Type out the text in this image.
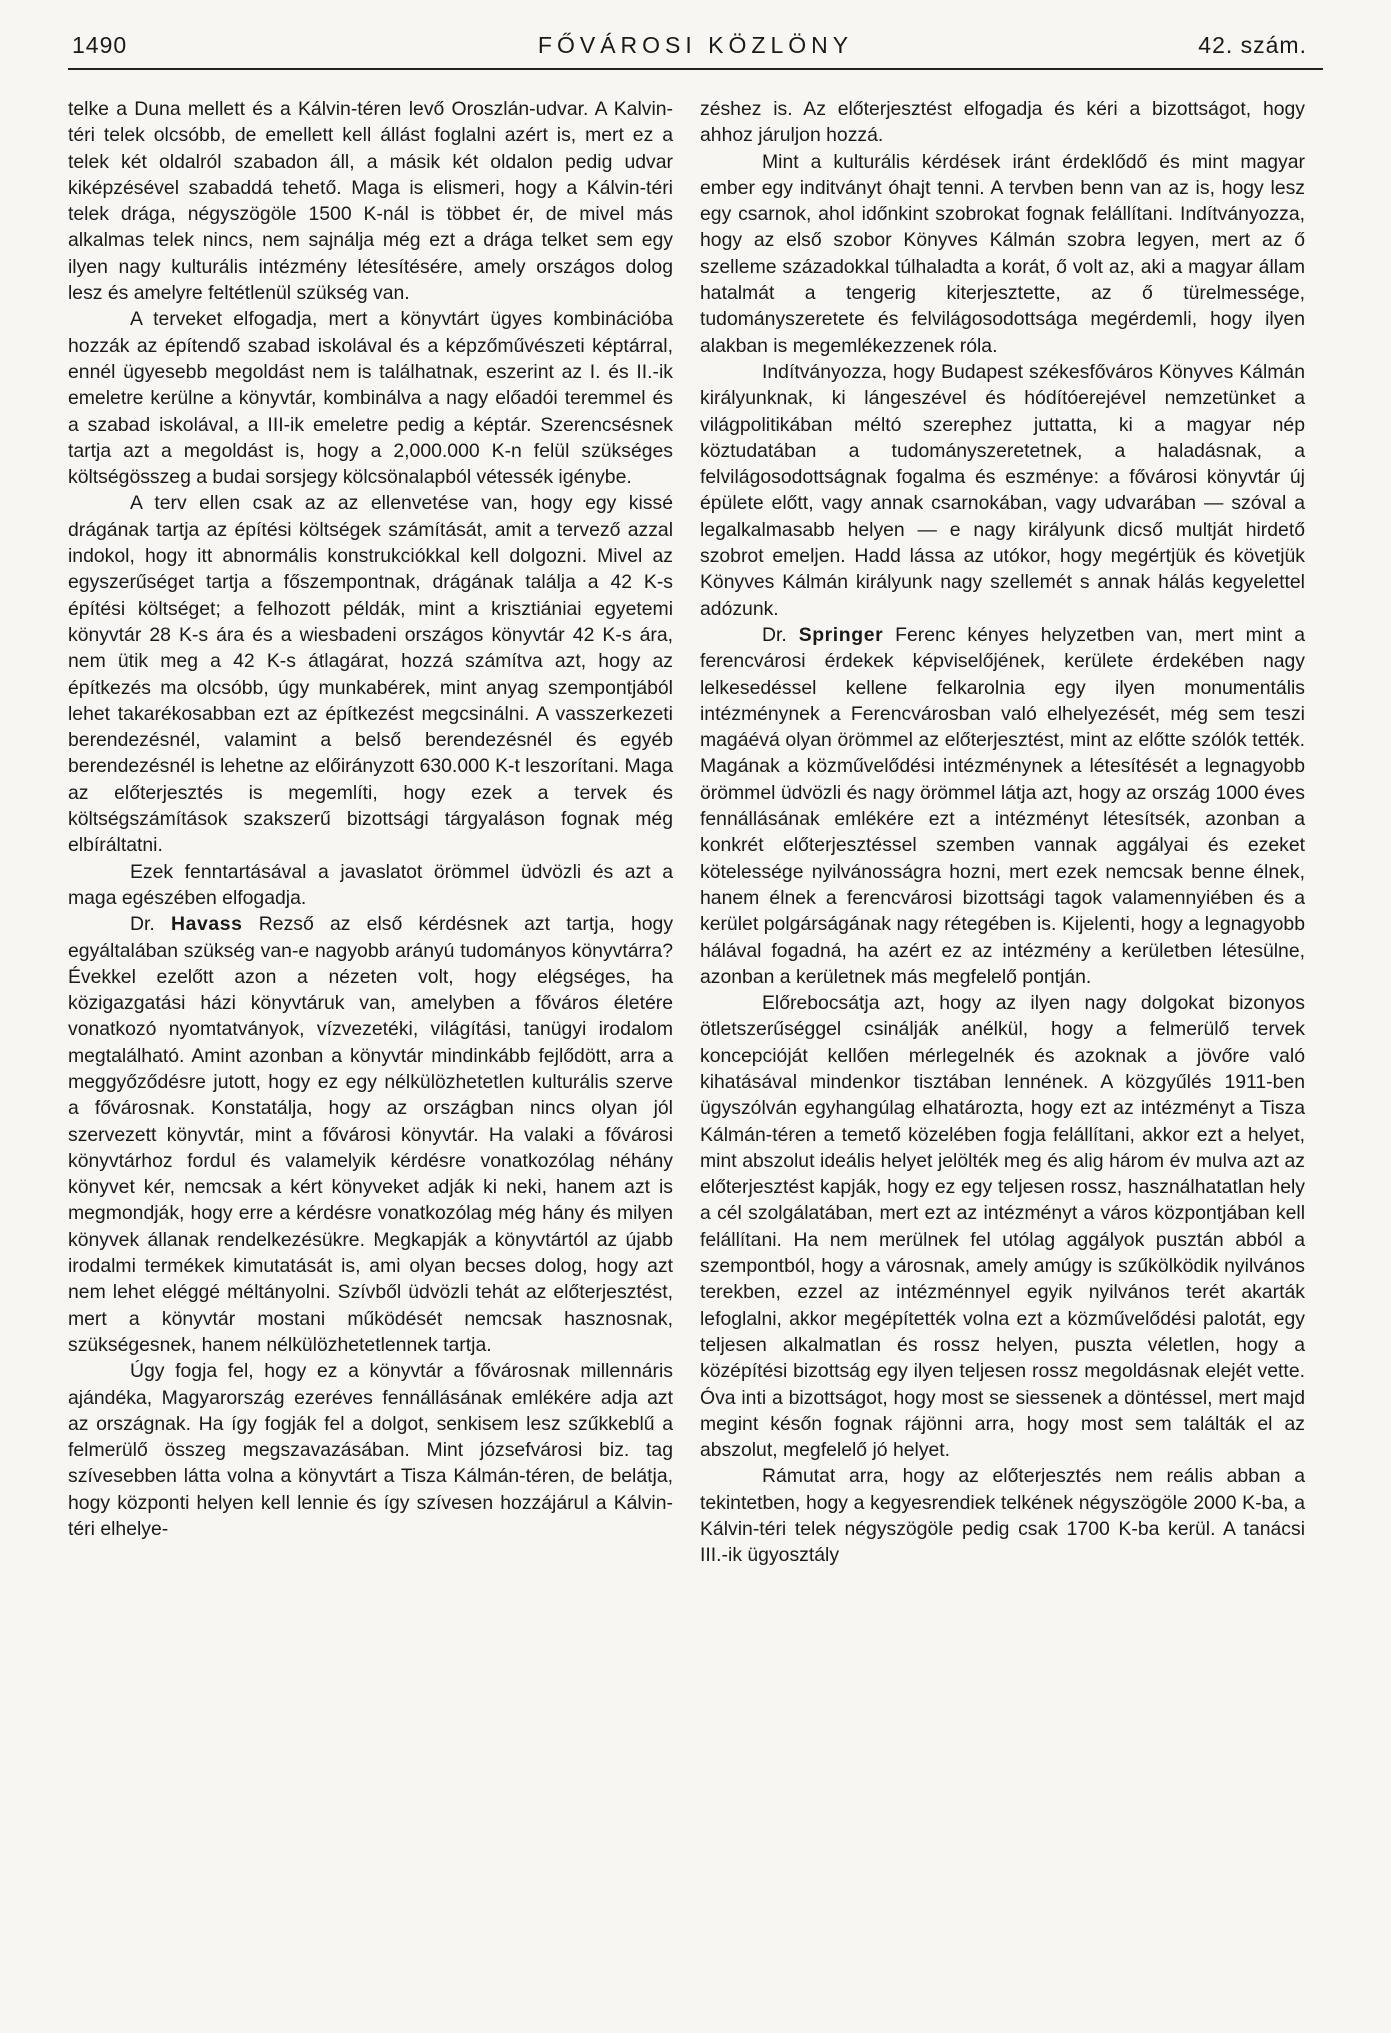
1490	FŐVÁROSI KÖZLÖNY	42. szám.

telke a Duna mellett és a Kálvin-téren levő Oroszlán-udvar. A Kalvin-téri telek olcsóbb, de emellett kell állást foglalni azért is, mert ez a telek két oldalról szabadon áll, a másik két oldalon pedig udvar kiképzésével szabaddá tehető. Maga is elismeri, hogy a Kálvin-téri telek drága, négyszögöle 1500 K-nál is többet ér, de mivel más alkalmas telek nincs, nem sajnálja még ezt a drága telket sem egy ilyen nagy kulturális intézmény létesítésére, amely országos dolog lesz és amelyre feltétlenül szükség van.

A terveket elfogadja, mert a könyvtárt ügyes kombinációba hozzák az építendő szabad iskolával és a képzőművészeti képtárral, ennél ügyesebb megoldást nem is találhatnak, eszerint az I. és II.-ik emeletre kerülne a könyvtár, kombinálva a nagy előadói teremmel és a szabad iskolával, a III-ik emeletre pedig a képtár. Szerencsésnek tartja azt a megoldást is, hogy a 2,000.000 K-n felül szükséges költségösszeg a budai sorsjegy kölcsönalapból vétessék igénybe.

A terv ellen csak az az ellenvetése van, hogy egy kissé drágának tartja az építési költségek számítását, amit a tervező azzal indokol, hogy itt abnormális konstrukciókkal kell dolgozni. Mivel az egyszerűséget tartja a főszempontnak, drágának találja a 42 K-s építési költséget; a felhozott példák, mint a krisztiániai egyetemi könyvtár 28 K-s ára és a wiesbadeni országos könyvtár 42 K-s ára, nem ütik meg a 42 K-s átlagárat, hozzá számítva azt, hogy az építkezés ma olcsóbb, úgy munkabérek, mint anyag szempontjából lehet takarékosabban ezt az építkezést megcsinálni. A vasszerkezeti berendezésnél, valamint a belső berendezésnél és egyéb berendezésnél is lehetne az előirányzott 630.000 K-t leszorítani. Maga az előterjesztés is megemlíti, hogy ezek a tervek és költségszámítások szakszerű bizottsági tárgyaláson fognak még elbíráltatni.

Ezek fenntartásával a javaslatot örömmel üdvözli és azt a maga egészében elfogadja.

Dr. Havass Rezső az első kérdésnek azt tartja, hogy egyáltalában szükség van-e nagyobb arányú tudományos könyvtárra? Évekkel ezelőtt azon a nézeten volt, hogy elégséges, ha közigazgatási házi könyvtáruk van, amelyben a főváros életére vonatkozó nyomtatványok, vízvezetéki, világítási, tanügyi irodalom megtalálható. Amint azonban a könyvtár mindinkább fejlődött, arra a meggyőződésre jutott, hogy ez egy nélkülözhetetlen kulturális szerve a fővárosnak. Konstatálja, hogy az országban nincs olyan jól szervezett könyvtár, mint a fővárosi könyvtár. Ha valaki a fővárosi könyvtárhoz fordul és valamelyik kérdésre vonatkozólag néhány könyvet kér, nemcsak a kért könyveket adják ki neki, hanem azt is megmondják, hogy erre a kérdésre vonatkozólag még hány és milyen könyvek állanak rendelkezésükre. Megkapják a könyvtártól az újabb irodalmi termékek kimutatását is, ami olyan becses dolog, hogy azt nem lehet eléggé méltányolni. Szívből üdvözli tehát az előterjesztést, mert a könyvtár mostani működését nemcsak hasznosnak, szükségesnek, hanem nélkülözhetetlennek tartja.

Úgy fogja fel, hogy ez a könyvtár a fővárosnak millennáris ajándéka, Magyarország ezeréves fennállásának emlékére adja azt az országnak. Ha így fogják fel a dolgot, senkisem lesz szűkkeblű a felmerülő összeg megszavazásában. Mint józsefvárosi biz. tag szívesebben látta volna a könyvtárt a Tisza Kálmán-téren, de belátja, hogy központi helyen kell lennie és így szívesen hozzájárul a Kálvin-téri elhelye-

zéshez is. Az előterjesztést elfogadja és kéri a bizottságot, hogy ahhoz járuljon hozzá.

Mint a kulturális kérdések iránt érdeklődő és mint magyar ember egy inditványt óhajt tenni. A tervben benn van az is, hogy lesz egy csarnok, ahol időnkint szobrokat fognak felállítani. Indítványozza, hogy az első szobor Könyves Kálmán szobra legyen, mert az ő szelleme századokkal túlhaladta a korát, ő volt az, aki a magyar állam hatalmát a tengerig kiterjesztette, az ő türelmessége, tudományszeretete és felvilágosodottsága megérdemli, hogy ilyen alakban is megemlékezzenek róla.

Indítványozza, hogy Budapest székesfőváros Könyves Kálmán királyunknak, ki lángeszével és hódítóerejével nemzetünket a világpolitikában méltó szerephez juttatta, ki a magyar nép köztudatában a tudományszeretetnek, a haladásnak, a felvilágosodottságnak fogalma és eszménye: a fővárosi könyvtár új épülete előtt, vagy annak csarnokában, vagy udvarában — szóval a legalkalmasabb helyen — e nagy királyunk dicső multját hirdető szobrot emeljen. Hadd lássa az utókor, hogy megértjük és követjük Könyves Kálmán királyunk nagy szellemét s annak hálás kegyelettel adózunk.

Dr. Springer Ferenc kényes helyzetben van, mert mint a ferencvárosi érdekek képviselőjének, kerülete érdekében nagy lelkesedéssel kellene felkarolnia egy ilyen monumentális intézménynek a Ferencvárosban való elhelyezését, még sem teszi magáévá olyan örömmel az előterjesztést, mint az előtte szólók tették. Magának a közművelődési intézménynek a létesítését a legnagyobb örömmel üdvözli és nagy örömmel látja azt, hogy az ország 1000 éves fennállásának emlékére ezt a intézményt létesítsék, azonban a konkrét előterjesztéssel szemben vannak aggályai és ezeket kötelessége nyilvánosságra hozni, mert ezek nemcsak benne élnek, hanem élnek a ferencvárosi bizottsági tagok valamennyiében és a kerület polgárságának nagy rétegében is. Kijelenti, hogy a legnagyobb hálával fogadná, ha azért ez az intézmény a kerületben létesülne, azonban a kerületnek más megfelelő pontján.

Előrebocsátja azt, hogy az ilyen nagy dolgokat bizonyos ötletszerűséggel csinálják anélkül, hogy a felmerülő tervek koncepcióját kellően mérlegelnék és azoknak a jövőre való kihatásával mindenkor tisztában lennének. A közgyűlés 1911-ben ügyszólván egyhangúlag elhatározta, hogy ezt az intézményt a Tisza Kálmán-téren a temető közelében fogja felállítani, akkor ezt a helyet, mint abszolut ideális helyet jelölték meg és alig három év mulva azt az előterjesztést kapják, hogy ez egy teljesen rossz, használhatatlan hely a cél szolgálatában, mert ezt az intézményt a város központjában kell felállítani. Ha nem merülnek fel utólag aggályok pusztán abból a szempontból, hogy a városnak, amely amúgy is szűkölködik nyilvános terekben, ezzel az intézménnyel egyik nyilvános terét akarták lefoglalni, akkor megépítették volna ezt a közművelődési palotát, egy teljesen alkalmatlan és rossz helyen, puszta véletlen, hogy a középítési bizottság egy ilyen teljesen rossz megoldásnak elejét vette. Óva inti a bizottságot, hogy most se siessenek a döntéssel, mert majd megint későn fognak rájönni arra, hogy most sem találták el az abszolut, megfelelő jó helyet.

Rámutat arra, hogy az előterjesztés nem reális abban a tekintetben, hogy a kegyesrendiek telkének négyszögöle 2000 K-ba, a Kálvin-téri telek négyszögöle pedig csak 1700 K-ba kerül. A tanácsi III.-ik ügyosztály
